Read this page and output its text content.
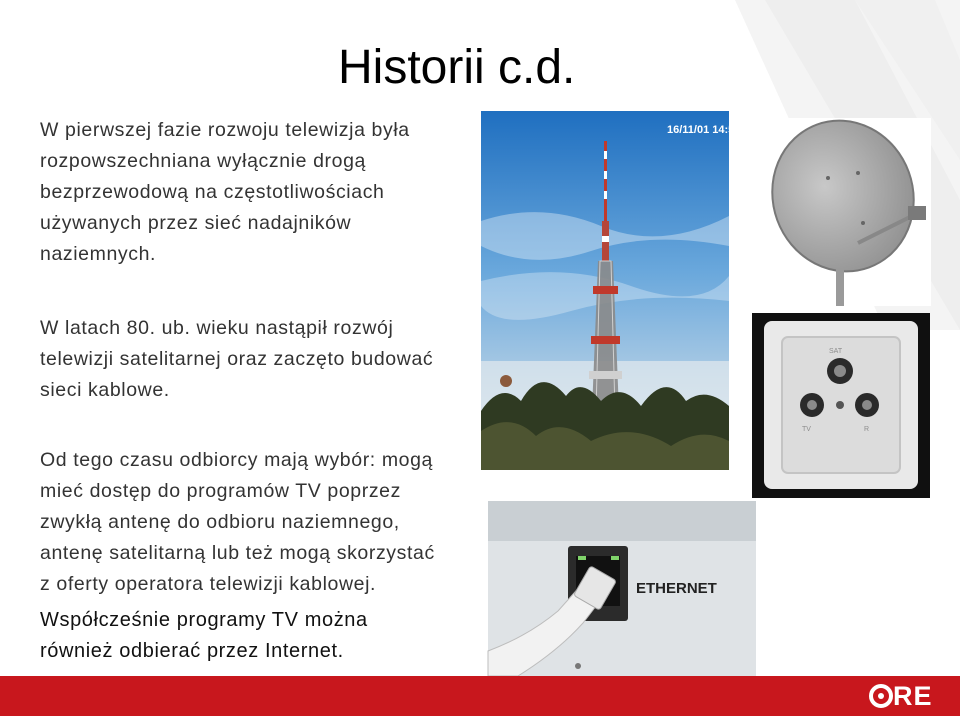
Historii c.d.
W pierwszej fazie rozwoju telewizja była
rozpowszechniana wyłącznie drogą
bezprzewodową na częstotliwościach
używanych przez sieć nadajników
naziemnych.
W latach 80. ub. wieku nastąpił rozwój
telewizji satelitarnej oraz zaczęto budować
sieci kablowe.
Od tego czasu odbiorcy mają wybór: mogą
mieć dostęp do programów TV poprzez
zwykłą antenę do odbioru naziemnego,
antenę satelitarną lub też mogą skorzystać
z oferty operatora telewizji kablowej.
Współcześnie programy TV można
również odbierać przez Internet.
16/11/01 14:54
SAT
TV	R
ETHERNET
RE
